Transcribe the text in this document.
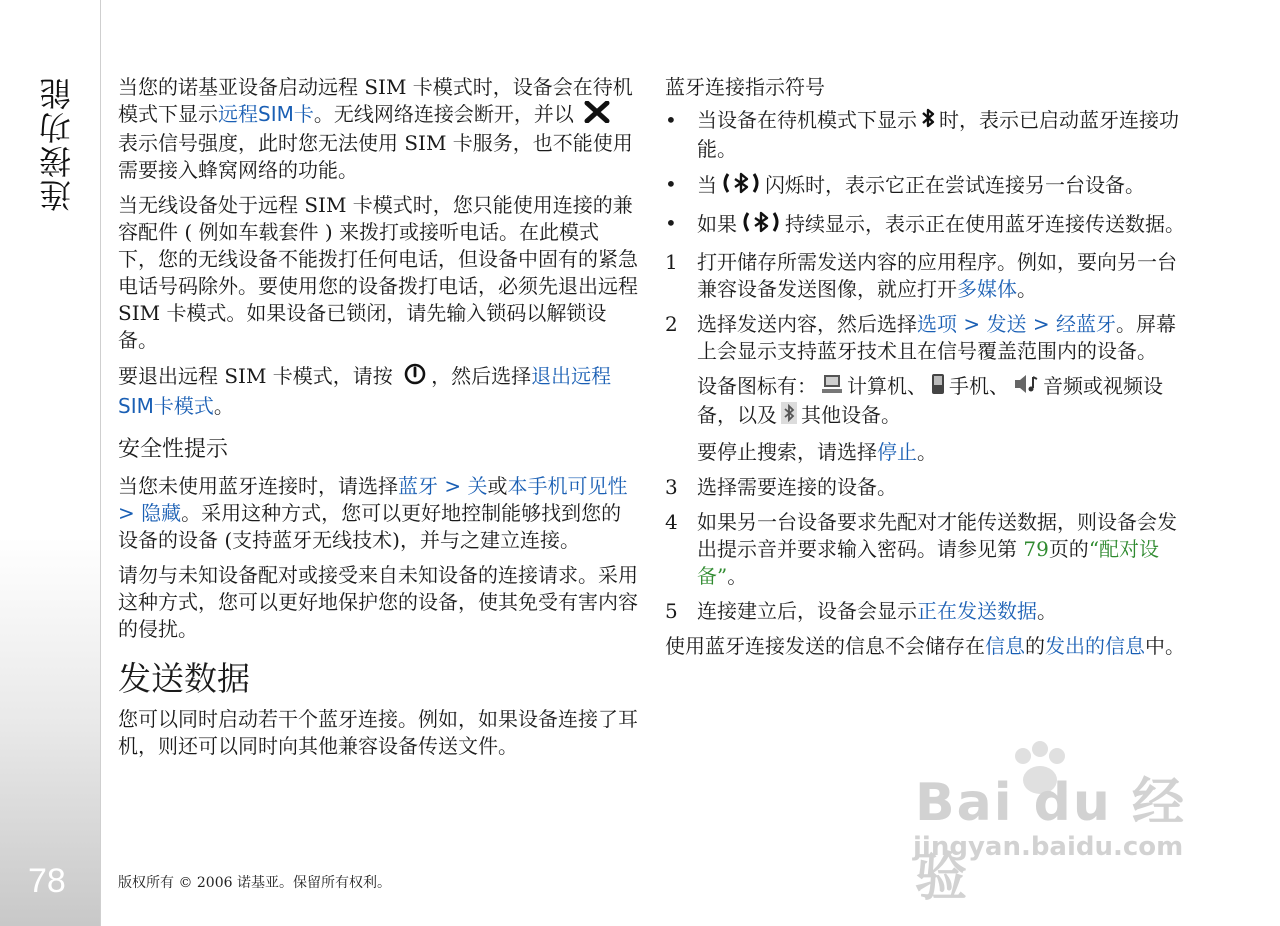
连接功能
78

当您的诺基亚设备启动远程 SIM 卡模式时，设备会在待机模式下显示远程SIM卡。无线网络连接会断开，并以  表示信号强度，此时您无法使用 SIM 卡服务，也不能使用需要接入蜂窝网络的功能。

当无线设备处于远程 SIM 卡模式时，您只能使用连接的兼容配件 ( 例如车载套件 ) 来拨打或接听电话。在此模式下，您的无线设备不能拨打任何电话，但设备中固有的紧急电话号码除外。要使用您的设备拨打电话，必须先退出远程 SIM 卡模式。如果设备已锁闭，请先输入锁码以解锁设备。

要退出远程 SIM 卡模式，请按 ，然后选择退出远程SIM卡模式。

安全性提示

当您未使用蓝牙连接时，请选择蓝牙 > 关或本手机可见性 > 隐藏。采用这种方式，您可以更好地控制能够找到您的设备的设备 (支持蓝牙无线技术)，并与之建立连接。

请勿与未知设备配对或接受来自未知设备的连接请求。采用这种方式，您可以更好地保护您的设备，使其免受有害内容的侵扰。

发送数据

您可以同时启动若干个蓝牙连接。例如，如果设备连接了耳机，则还可以同时向其他兼容设备传送文件。

蓝牙连接指示符号
• 当设备在待机模式下显示 时，表示已启动蓝牙连接功能。
• 当 闪烁时，表示它正在尝试连接另一台设备。
• 如果 持续显示，表示正在使用蓝牙连接传送数据。
1 打开储存所需发送内容的应用程序。例如，要向另一台兼容设备发送图像，就应打开多媒体。
2 选择发送内容，然后选择选项 > 发送 > 经蓝牙。屏幕上会显示支持蓝牙技术且在信号覆盖范围内的设备。

设备图标有： 计算机、 手机、 音频或视频设备，以及 其他设备。

要停止搜索，请选择停止。

3 选择需要连接的设备。
4 如果另一台设备要求先配对才能传送数据，则设备会发出提示音并要求输入密码。请参见第 79页的“配对设备”。
5 连接建立后，设备会显示正在发送数据。

使用蓝牙连接发送的信息不会储存在信息的发出的信息中。

版权所有 © 2006 诺基亚。保留所有权利。
Bai du 经验
jingyan.baidu.com
